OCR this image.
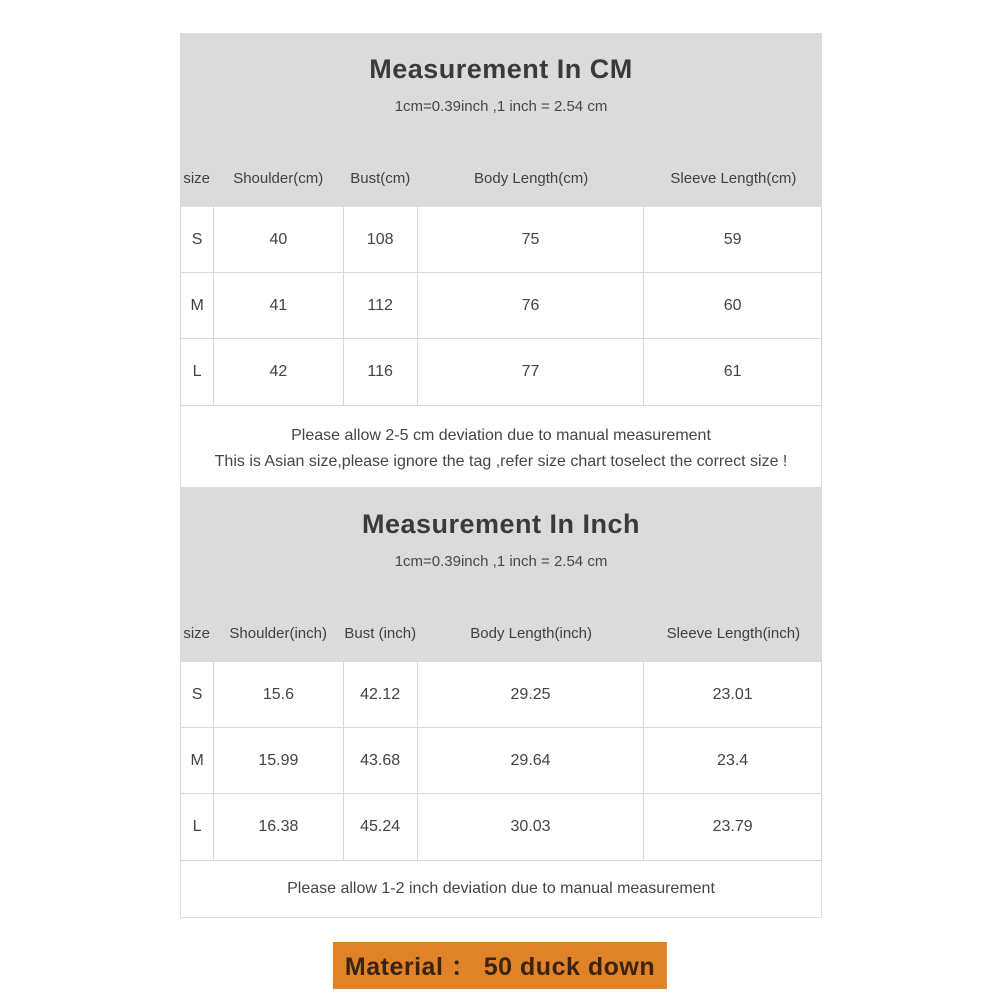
Measurement In CM
1cm=0.39inch ,1 inch = 2.54 cm
size	Shoulder(cm)	Bust(cm)	Body Length(cm)	Sleeve Length(cm)
S	40	108	75	59
M	41	112	76	60
L	42	116	77	61
Please allow 2-5 cm deviation due to manual measurement
This is Asian size,please ignore the tag ,refer size chart toselect the correct size !
Measurement In Inch
1cm=0.39inch ,1 inch = 2.54 cm
size	Shoulder(inch)	Bust (inch)	Body Length(inch)	Sleeve Length(inch)
S	15.6	42.12	29.25	23.01
M	15.99	43.68	29.64	23.4
L	16.38	45.24	30.03	23.79
Please allow 1-2 inch deviation due to manual measurement
Material ： 50 duck down
